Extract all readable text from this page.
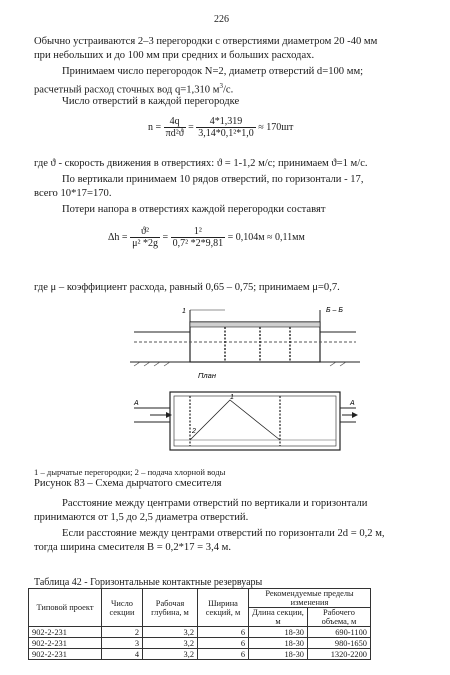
226
Обычно устраиваются 2–3 перегородки с отверстиями диаметром 20 -40 мм
при небольших и до 100 мм при средних и больших расходах.
Принимаем число перегородок N=2, диаметр отверстий d=100 мм;
расчетный расход сточных вод q=1,310 $м^3/с$.
Число отверстий в каждой перегородке
$n = \frac{4q}{\text{πd²ϑ}} = \frac{4*1,319}{\text{3,14*0,1²*1,0}} \approx 170шт$
где ϑ - скорость движения в отверстиях: ϑ = 1-1,2 м/с; принимаем ϑ=1 м/с.
По вертикали принимаем 10 рядов отверстий, по горизонтали - 17,
всего 10*17=170.
Потери напора в отверстиях каждой перегородки составят
$\Delta h = \frac{\text{ϑ²}}{\text{μ² *2g}} = \frac{\text{1²}}{\text{0,7² *2*9,81}} = 0,104м \approx 0,11мм$
где μ – коэффициент расхода, равный 0,65 – 0,75; принимаем μ=0,7.
1	Б – Б
План
1
2
А	А
1 – дырчатые перегородки; 2 – подача хлорной воды
Рисунок 83 – Схема дырчатого смесителя
Расстояние между центрами отверстий по вертикали и горизонтали
принимаются от 1,5 до 2,5 диаметра отверстий.
Если расстояние между центрами отверстий по горизонтали 2d = 0,2 м,
тогда ширина смесителя B = 0,2*17 = 3,4 м.
Таблица 42 - Горизонтальные контактные резервуары
Типовой проект	Число секции	Рабочая глубина, м	Ширина секций, м	Рекомендуемые пределы изменения	
				Длина секции, м	Рабочего объема, м
902-2-231	2	3,2	6	18-30	690-1100
902-2-231	3	3,2	6	18-30	980-1650
902-2-231	4	3,2	6	18-30	1320-2200
